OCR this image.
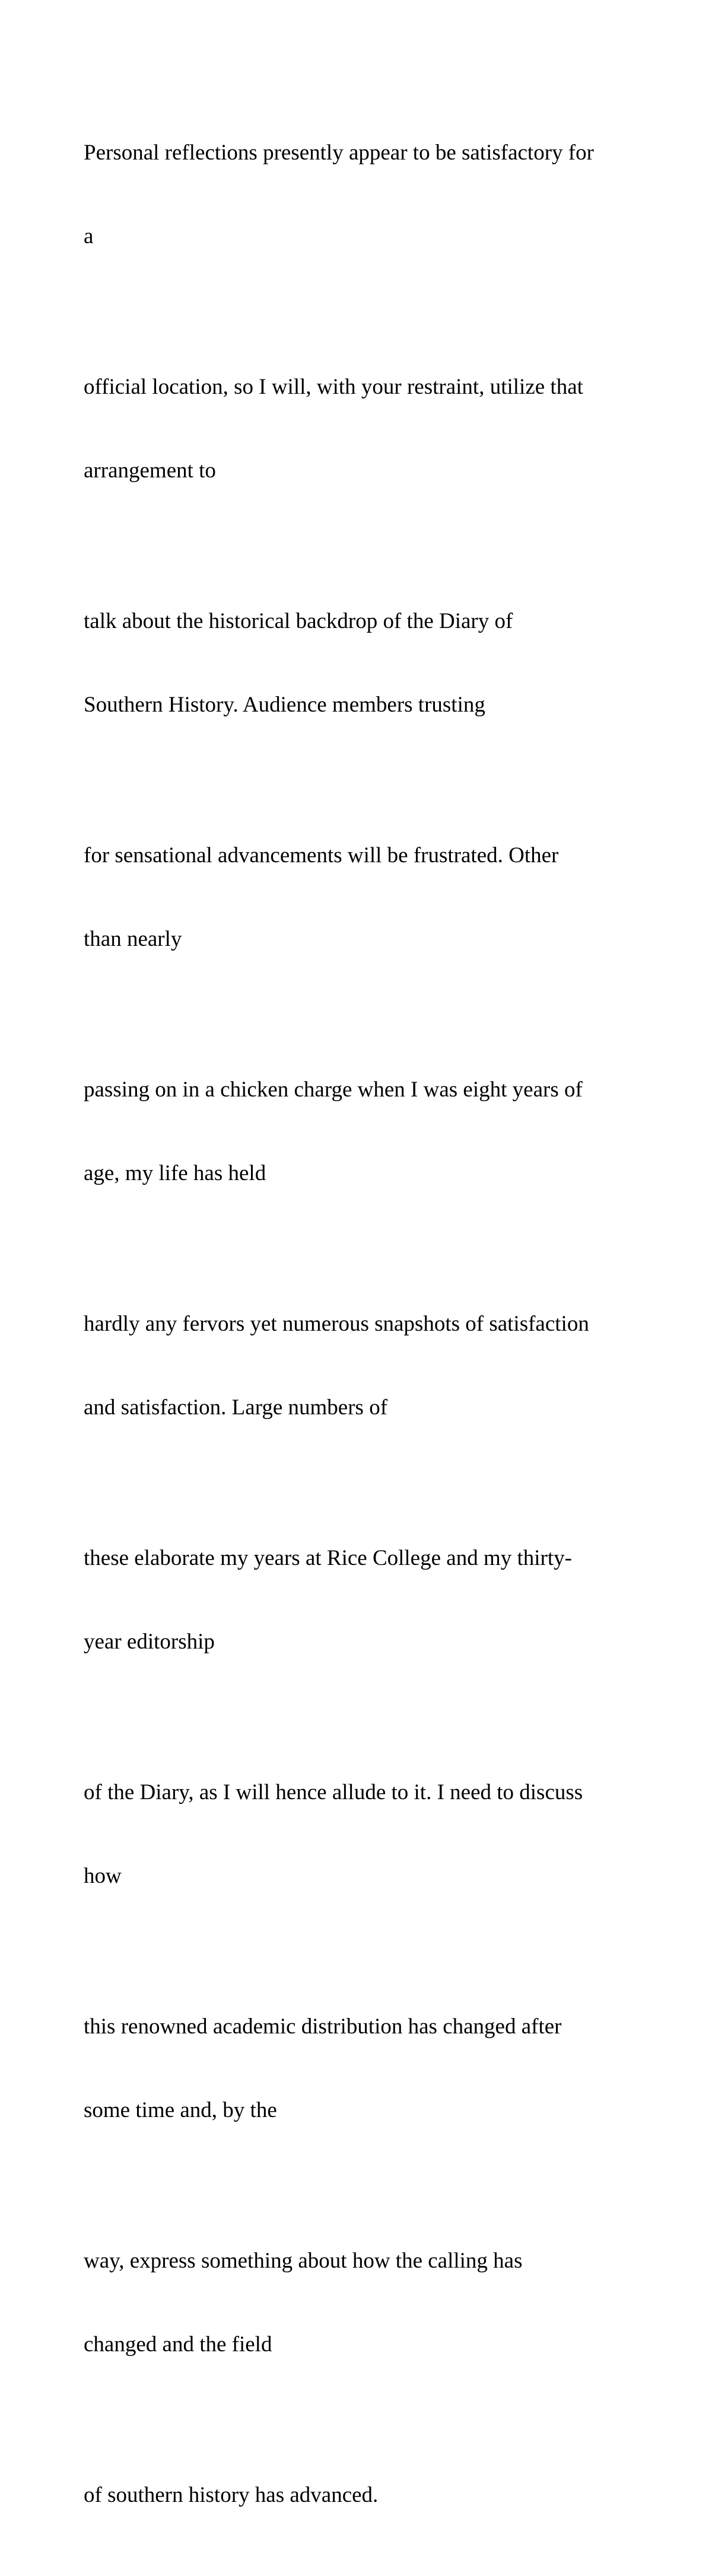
Personal reflections presently appear to be satisfactory for

a

official location, so I will, with your restraint, utilize that

arrangement to

talk about the historical backdrop of the Diary of

Southern History. Audience members trusting

for sensational advancements will be frustrated. Other

than nearly

passing on in a chicken charge when I was eight years of

age, my life has held

hardly any fervors yet numerous snapshots of satisfaction

and satisfaction. Large numbers of

these elaborate my years at Rice College and my thirty-

year editorship

of the Diary, as I will hence allude to it. I need to discuss

how

this renowned academic distribution has changed after

some time and, by the

way, express something about how the calling has

changed and the field

of southern history has advanced.
